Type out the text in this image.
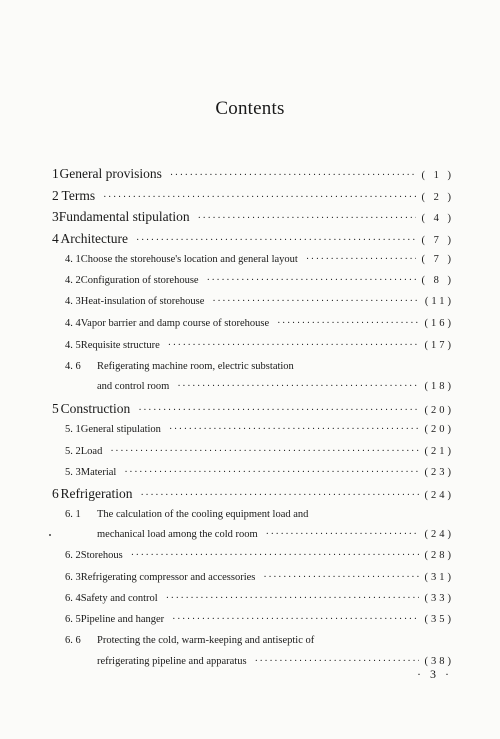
Contents
1 General provisions ·····	( 1 )
2 Terms ·····	( 2 )
3 Fundamental stipulation ·····	( 4 )
4 Architecture ·····	( 7 )
4. 1 Choose the storehouse's location and general layout ·····	( 7 )
4. 2 Configuration of storehouse ·····	( 8 )
4. 3 Heat-insulation of storehouse ·····	(11)
4. 4 Vapor barrier and damp course of storehouse ·····	(16)
4. 5 Requisite structure ·····	(17)
4. 6	Refigerating machine room, electric substation
and control room ·····	(18)
5 Construction ·····	(20)
5. 1 General stipulation ·····	(20)
5. 2 Load ·····	(21)
5. 3 Material ·····	(23)
6 Refrigeration ·····	(24)
6. 1	The calculation of the cooling equipment load and
mechanical load among the cold room ·····	(24)
6. 2 Storehous ·····	(28)
6. 3 Refrigerating compressor and accessories ·····	(31)
6. 4 Safety and control ·····	(33)
6. 5 Pipeline and hanger ·····	(35)
6. 6	Protecting the cold, warm-keeping and antiseptic of
refrigerating pipeline and apparatus ·····	(38)
· 3 ·
